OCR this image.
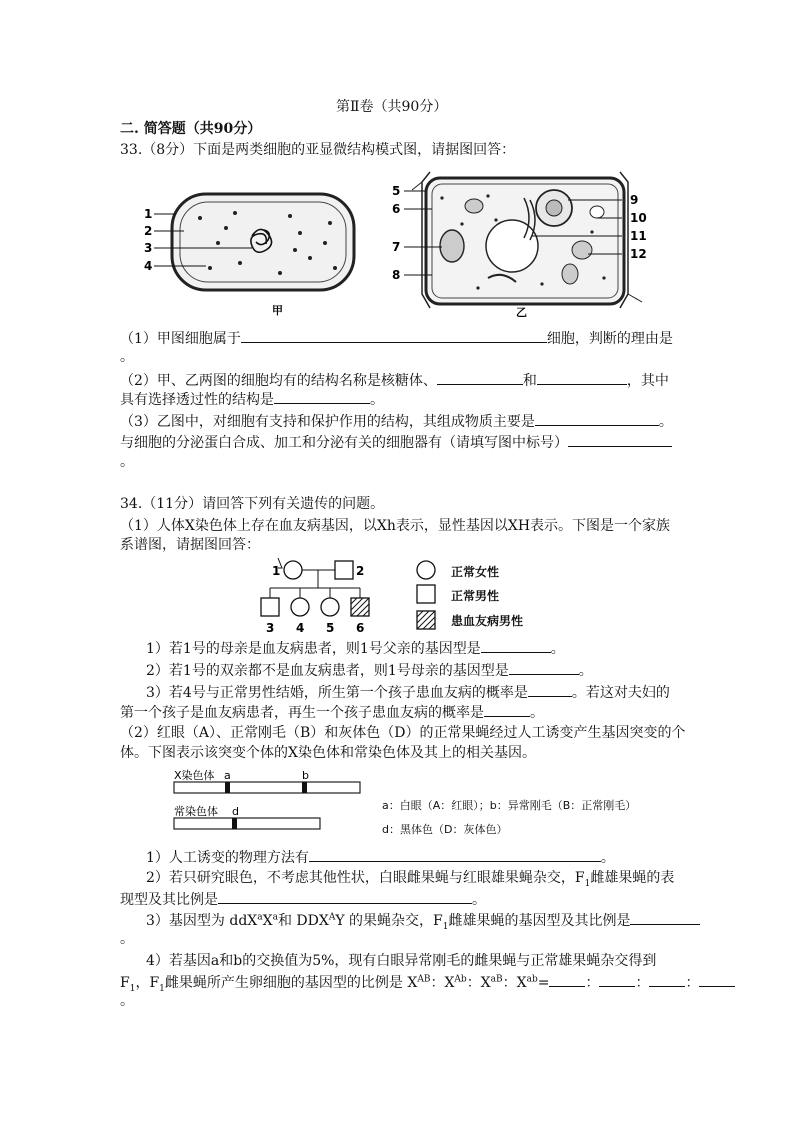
第Ⅱ卷（共90分）
二. 简答题（共90分）
33.（8分）下面是两类细胞的亚显微结构模式图，请据图回答：
1
2
3
4
甲
5
6
7
8
9
10
11
12
乙
（1）甲图细胞属于	细胞，判断的理由是
。
（2）甲、乙两图的细胞均有的结构名称是核糖体、	和	，其中
具有选择透过性的结构是	。
（3）乙图中，对细胞有支持和保护作用的结构，其组成物质主要是	。
与细胞的分泌蛋白合成、加工和分泌有关的细胞器有（请填写图中标号）
。
34.（11分）请回答下列有关遗传的问题。
（1）人体X染色体上存在血友病基因，以Xh表示，显性基因以XH表示。下图是一个家族
系谱图，请据图回答：
1	2
3 4 5 6
正常女性
正常男性
患血友病男性
1）若1号的母亲是血友病患者，则1号父亲的基因型是	。
2）若1号的双亲都不是血友病患者，则1号母亲的基因型是	。
3）若4号与正常男性结婚，所生第一个孩子患血友病的概率是	。若这对夫妇的
第一个孩子是血友病患者，再生一个孩子患血友病的概率是	。
（2）红眼（A）、正常刚毛（B）和灰体色（D）的正常果蝇经过人工诱变产生基因突变的个
体。下图表示该突变个体的X染色体和常染色体及其上的相关基因。
X染色体 a	b
常染色体 d	a：白眼（A：红眼）；b：异常刚毛（B：正常刚毛）
d：黑体色（D：灰体色）
1）人工诱变的物理方法有	。
2）若只研究眼色，不考虑其他性状，白眼雌果蝇与红眼雄果蝇杂交，$F_1$雌雄果蝇的表
现型及其比例是	。
3）基因型为 $ddX^aX^a$和 $DDX^AY$ 的果蝇杂交，$F_1$雌雄果蝇的基因型及其比例是
。
4）若基因a和b的交换值为5%，现有白眼异常刚毛的雌果蝇与正常雄果蝇杂交得到
$F_1$，$F_1$雌果蝇所产生卵细胞的基因型的比例是 $X^{AB}$：$X^{Ab}$：$X^{aB}$：$X^{ab}=$	：	：	：
。
